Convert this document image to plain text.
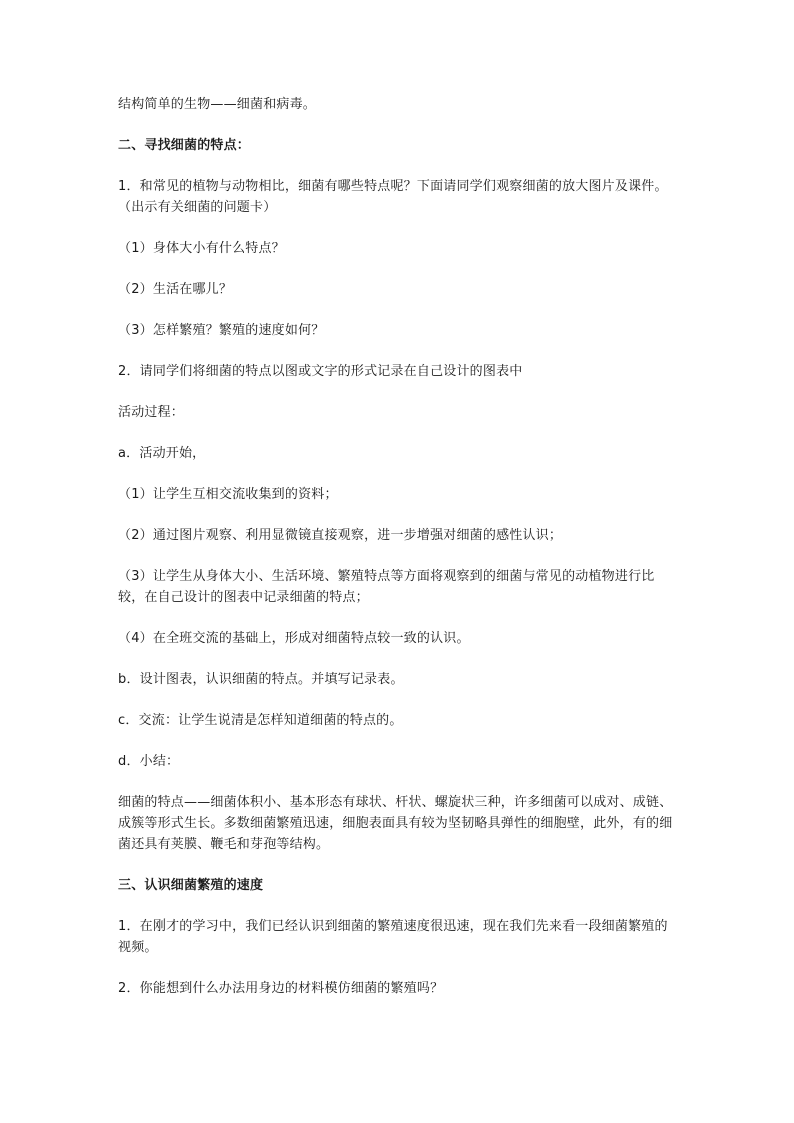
结构简单的生物——细菌和病毒。

二、寻找细菌的特点：

1．和常见的植物与动物相比，细菌有哪些特点呢？下面请同学们观察细菌的放大图片及课件。（出示有关细菌的问题卡）

（1）身体大小有什么特点？

（2）生活在哪儿？

（3）怎样繁殖？繁殖的速度如何？

2．请同学们将细菌的特点以图或文字的形式记录在自己设计的图表中

活动过程：

a．活动开始，

（1）让学生互相交流收集到的资料；

（2）通过图片观察、利用显微镜直接观察，进一步增强对细菌的感性认识；

（3）让学生从身体大小、生活环境、繁殖特点等方面将观察到的细菌与常见的动植物进行比较，在自己设计的图表中记录细菌的特点；

（4）在全班交流的基础上，形成对细菌特点较一致的认识。

b．设计图表，认识细菌的特点。并填写记录表。

c．交流：让学生说清是怎样知道细菌的特点的。

d．小结：

细菌的特点——细菌体积小、基本形态有球状、杆状、螺旋状三种，许多细菌可以成对、成链、成簇等形式生长。多数细菌繁殖迅速，细胞表面具有较为坚韧略具弹性的细胞壁，此外，有的细菌还具有荚膜、鞭毛和芽孢等结构。

三、认识细菌繁殖的速度

1．在刚才的学习中，我们已经认识到细菌的繁殖速度很迅速，现在我们先来看一段细菌繁殖的视频。

2．你能想到什么办法用身边的材料模仿细菌的繁殖吗？
